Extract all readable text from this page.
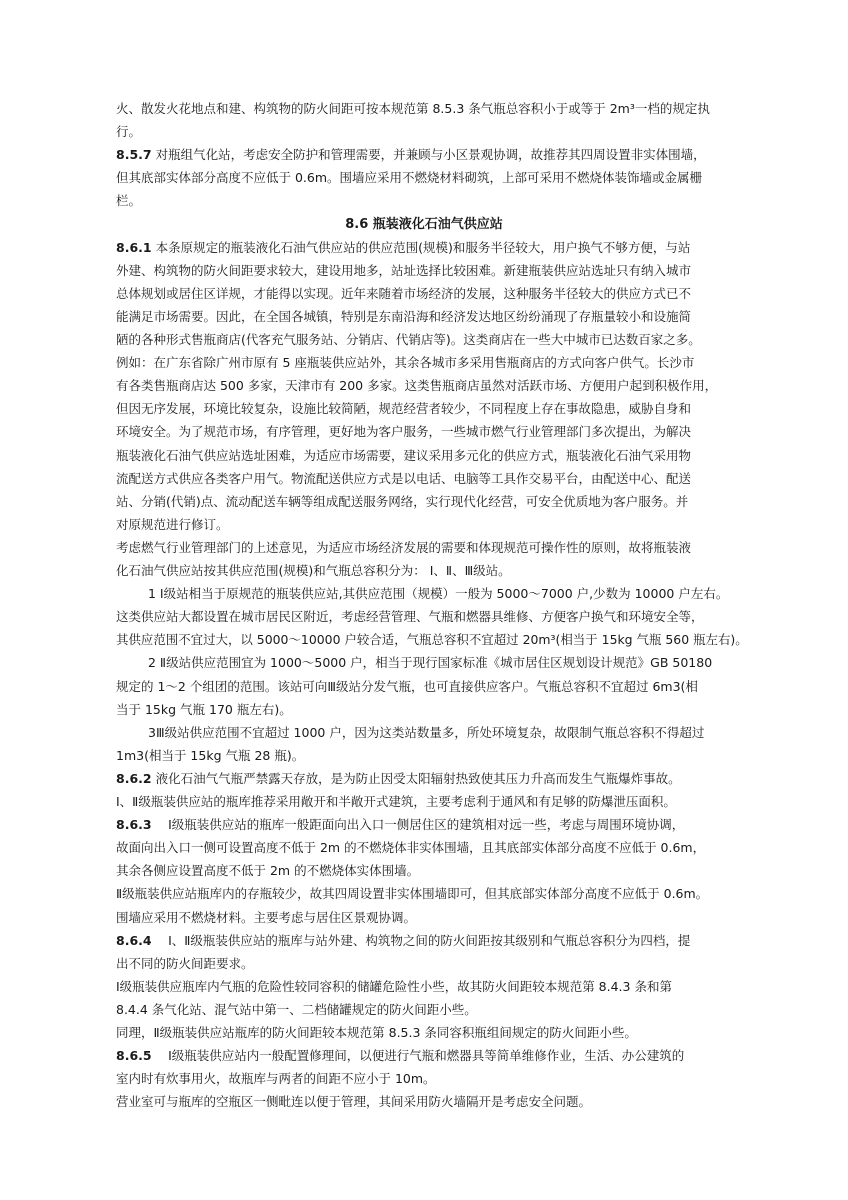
火、散发火花地点和建、构筑物的防火间距可按本规范第 8.5.3 条气瓶总容积小于或等于 2m³一档的规定执
行。
8.5.7 对瓶组气化站，考虑安全防护和管理需要，并兼顾与小区景观协调，故推荐其四周设置非实体围墙，
但其底部实体部分高度不应低于 0.6m。围墙应采用不燃烧材料砌筑，上部可采用不燃烧体装饰墙或金属栅
栏。
8.6 瓶装液化石油气供应站
8.6.1 本条原规定的瓶装液化石油气供应站的供应范围(规模)和服务半径较大，用户换气不够方便，与站
外建、构筑物的防火间距要求较大，建设用地多，站址选择比较困难。新建瓶装供应站选址只有纳入城市
总体规划或居住区详规，才能得以实现。近年来随着市场经济的发展，这种服务半径较大的供应方式已不
能满足市场需要。因此，在全国各城镇，特别是东南沿海和经济发达地区纷纷涌现了存瓶量较小和设施简
陋的各种形式售瓶商店(代客充气服务站、分销店、代销店等)。这类商店在一些大中城市已达数百家之多。
例如：在广东省除广州市原有 5 座瓶装供应站外，其余各城市多采用售瓶商店的方式向客户供气。长沙市
有各类售瓶商店达 500 多家，天津市有 200 多家。这类售瓶商店虽然对活跃市场、方便用户起到积极作用，
但因无序发展，环境比较复杂，设施比较简陋，规范经营者较少，不同程度上存在事故隐患，威胁自身和
环境安全。为了规范市场，有序管理，更好地为客户服务，一些城市燃气行业管理部门多次提出，为解决
瓶装液化石油气供应站选址困难，为适应市场需要，建议采用多元化的供应方式，瓶装液化石油气采用物
流配送方式供应各类客户用气。物流配送供应方式是以电话、电脑等工具作交易平台，由配送中心、配送
站、分销(代销)点、流动配送车辆等组成配送服务网络，实行现代化经营，可安全优质地为客户服务。并
对原规范进行修订。
考虑燃气行业管理部门的上述意见，为适应市场经济发展的需要和体现规范可操作性的原则，故将瓶装液
化石油气供应站按其供应范围(规模)和气瓶总容积分为： Ⅰ、Ⅱ、Ⅲ级站。
1 Ⅰ级站相当于原规范的瓶装供应站,其供应范围（规模）一般为 5000～7000 户,少数为 10000 户左右。
这类供应站大都设置在城市居民区附近，考虑经营管理、气瓶和燃器具维修、方便客户换气和环境安全等，
其供应范围不宜过大，以 5000～10000 户较合适，气瓶总容积不宜超过 20m³(相当于 15kg 气瓶 560 瓶左右)。
2 Ⅱ级站供应范围宜为 1000～5000 户，相当于现行国家标准《城市居住区规划设计规范》GB 50180
规定的 1～2 个组团的范围。该站可向Ⅲ级站分发气瓶，也可直接供应客户。气瓶总容积不宜超过 6m3(相
当于 15kg 气瓶 170 瓶左右)。
3Ⅲ级站供应范围不宜超过 1000 户，因为这类站数量多，所处环境复杂，故限制气瓶总容积不得超过
1m3(相当于 15kg 气瓶 28 瓶)。
8.6.2 液化石油气气瓶严禁露天存放，是为防止因受太阳辐射热致使其压力升高而发生气瓶爆炸事故。
Ⅰ、Ⅱ级瓶装供应站的瓶库推荐采用敞开和半敞开式建筑，主要考虑利于通风和有足够的防爆泄压面积。
8.6.3 　Ⅰ级瓶装供应站的瓶库一般距面向出入口一侧居住区的建筑相对远一些，考虑与周围环境协调，
故面向出入口一侧可设置高度不低于 2m 的不燃烧体非实体围墙，且其底部实体部分高度不应低于 0.6m，
其余各侧应设置高度不低于 2m 的不燃烧体实体围墙。
Ⅱ级瓶装供应站瓶库内的存瓶较少，故其四周设置非实体围墙即可，但其底部实体部分高度不应低于 0.6m。
围墙应采用不燃烧材料。主要考虑与居住区景观协调。
8.6.4 　Ⅰ、Ⅱ级瓶装供应站的瓶库与站外建、构筑物之间的防火间距按其级别和气瓶总容积分为四档，提
出不同的防火间距要求。
Ⅰ级瓶装供应瓶库内气瓶的危险性较同容积的储罐危险性小些，故其防火间距较本规范第 8.4.3 条和第
8.4.4 条气化站、混气站中第一、二档储罐规定的防火间距小些。
同理，Ⅱ级瓶装供应站瓶库的防火间距较本规范第 8.5.3 条同容积瓶组间规定的防火间距小些。
8.6.5 　Ⅰ级瓶装供应站内一般配置修理间，以便进行气瓶和燃器具等简单维修作业，生活、办公建筑的
室内时有炊事用火，故瓶库与两者的间距不应小于 10m。
营业室可与瓶库的空瓶区一侧毗连以便于管理，其间采用防火墙隔开是考虑安全问题。
